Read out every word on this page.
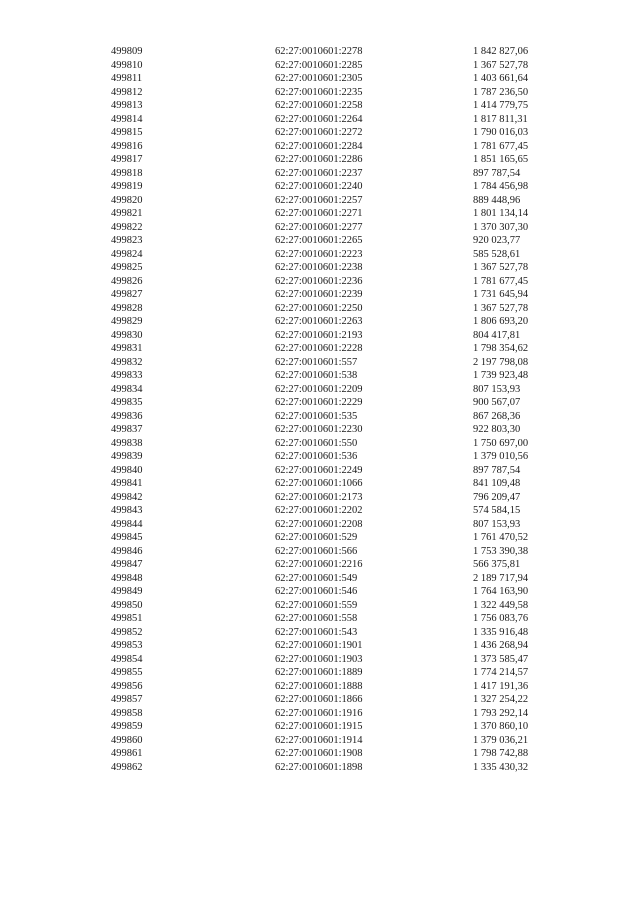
499809	62:27:0010601:2278	1 842 827,06
499810	62:27:0010601:2285	1 367 527,78
499811	62:27:0010601:2305	1 403 661,64
499812	62:27:0010601:2235	1 787 236,50
499813	62:27:0010601:2258	1 414 779,75
499814	62:27:0010601:2264	1 817 811,31
499815	62:27:0010601:2272	1 790 016,03
499816	62:27:0010601:2284	1 781 677,45
499817	62:27:0010601:2286	1 851 165,65
499818	62:27:0010601:2237	897 787,54
499819	62:27:0010601:2240	1 784 456,98
499820	62:27:0010601:2257	889 448,96
499821	62:27:0010601:2271	1 801 134,14
499822	62:27:0010601:2277	1 370 307,30
499823	62:27:0010601:2265	920 023,77
499824	62:27:0010601:2223	585 528,61
499825	62:27:0010601:2238	1 367 527,78
499826	62:27:0010601:2236	1 781 677,45
499827	62:27:0010601:2239	1 731 645,94
499828	62:27:0010601:2250	1 367 527,78
499829	62:27:0010601:2263	1 806 693,20
499830	62:27:0010601:2193	804 417,81
499831	62:27:0010601:2228	1 798 354,62
499832	62:27:0010601:557	2 197 798,08
499833	62:27:0010601:538	1 739 923,48
499834	62:27:0010601:2209	807 153,93
499835	62:27:0010601:2229	900 567,07
499836	62:27:0010601:535	867 268,36
499837	62:27:0010601:2230	922 803,30
499838	62:27:0010601:550	1 750 697,00
499839	62:27:0010601:536	1 379 010,56
499840	62:27:0010601:2249	897 787,54
499841	62:27:0010601:1066	841 109,48
499842	62:27:0010601:2173	796 209,47
499843	62:27:0010601:2202	574 584,15
499844	62:27:0010601:2208	807 153,93
499845	62:27:0010601:529	1 761 470,52
499846	62:27:0010601:566	1 753 390,38
499847	62:27:0010601:2216	566 375,81
499848	62:27:0010601:549	2 189 717,94
499849	62:27:0010601:546	1 764 163,90
499850	62:27:0010601:559	1 322 449,58
499851	62:27:0010601:558	1 756 083,76
499852	62:27:0010601:543	1 335 916,48
499853	62:27:0010601:1901	1 436 268,94
499854	62:27:0010601:1903	1 373 585,47
499855	62:27:0010601:1889	1 774 214,57
499856	62:27:0010601:1888	1 417 191,36
499857	62:27:0010601:1866	1 327 254,22
499858	62:27:0010601:1916	1 793 292,14
499859	62:27:0010601:1915	1 370 860,10
499860	62:27:0010601:1914	1 379 036,21
499861	62:27:0010601:1908	1 798 742,88
499862	62:27:0010601:1898	1 335 430,32
